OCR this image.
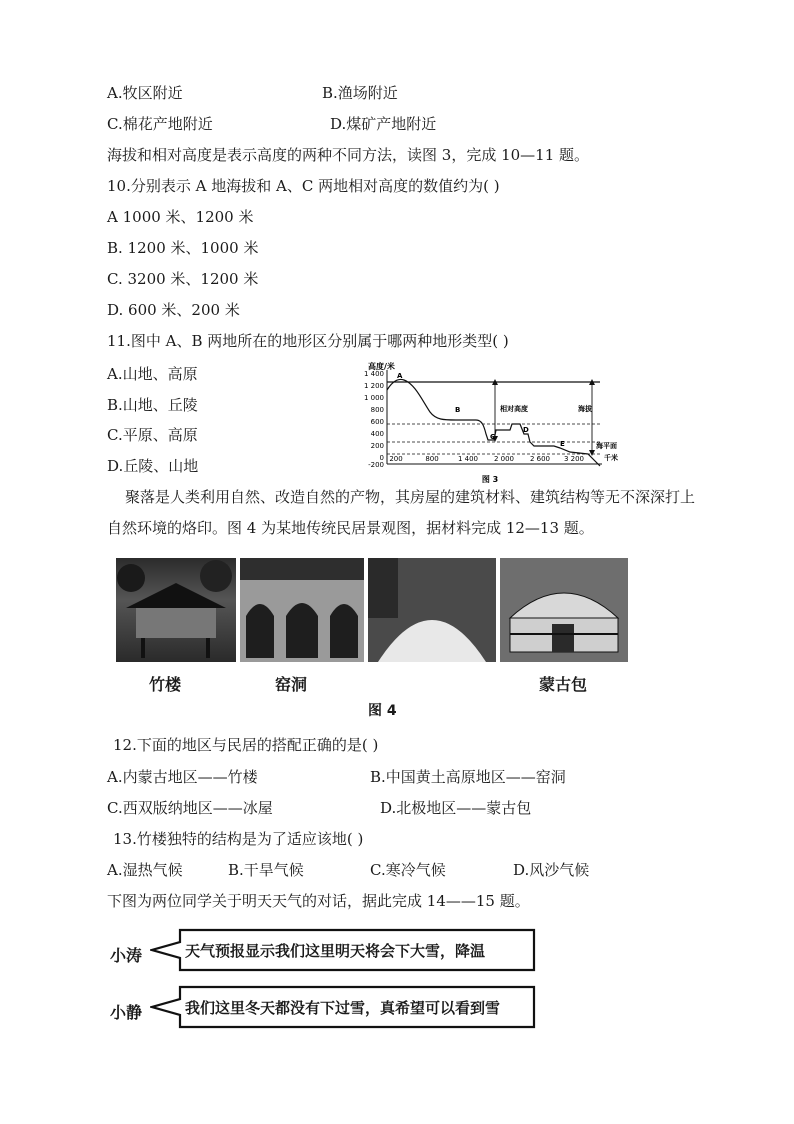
A.牧区附近	B.渔场附近
C.棉花产地附近	D.煤矿产地附近
海拔和相对高度是表示高度的两种不同方法，读图 3，完成 10—11 题。
10.分别表示 A 地海拔和 A、C 两地相对高度的数值约为( )
A 1000 米、1200 米
B. 1200 米、1000 米
C. 3200 米、1200 米
D. 600 米、200 米
11.图中 A、B 两地所在的地形区分别属于哪两种地形类型( )
A.山地、高原
B.山地、丘陵
C.平原、高原
D.丘陵、山地
高度/米
1 400
1 200
1 000
800
600
400
200
0
-200
A
B
C
D
E
相对高度	海拔
海平面
千米
200	800	1 400 2 000 2 600 3 200
图 3
聚落是人类利用自然、改造自然的产物，其房屋的建筑材料、建筑结构等无不深深打上
自然环境的烙印。图 4 为某地传统民居景观图，据材料完成 12—13 题。
竹楼	窑洞	蒙古包
图 4
12.下面的地区与民居的搭配正确的是( )
A.内蒙古地区——竹楼	B.中国黄土高原地区——窑洞
C.西双版纳地区——冰屋	D.北极地区——蒙古包
13.竹楼独特的结构是为了适应该地( )
A.湿热气候	B.干旱气候	C.寒冷气候	D.风沙气候
下图为两位同学关于明天天气的对话，据此完成 14——15 题。
小涛	天气预报显示我们这里明天将会下大雪，降温
小静	我们这里冬天都没有下过雪，真希望可以看到雪
